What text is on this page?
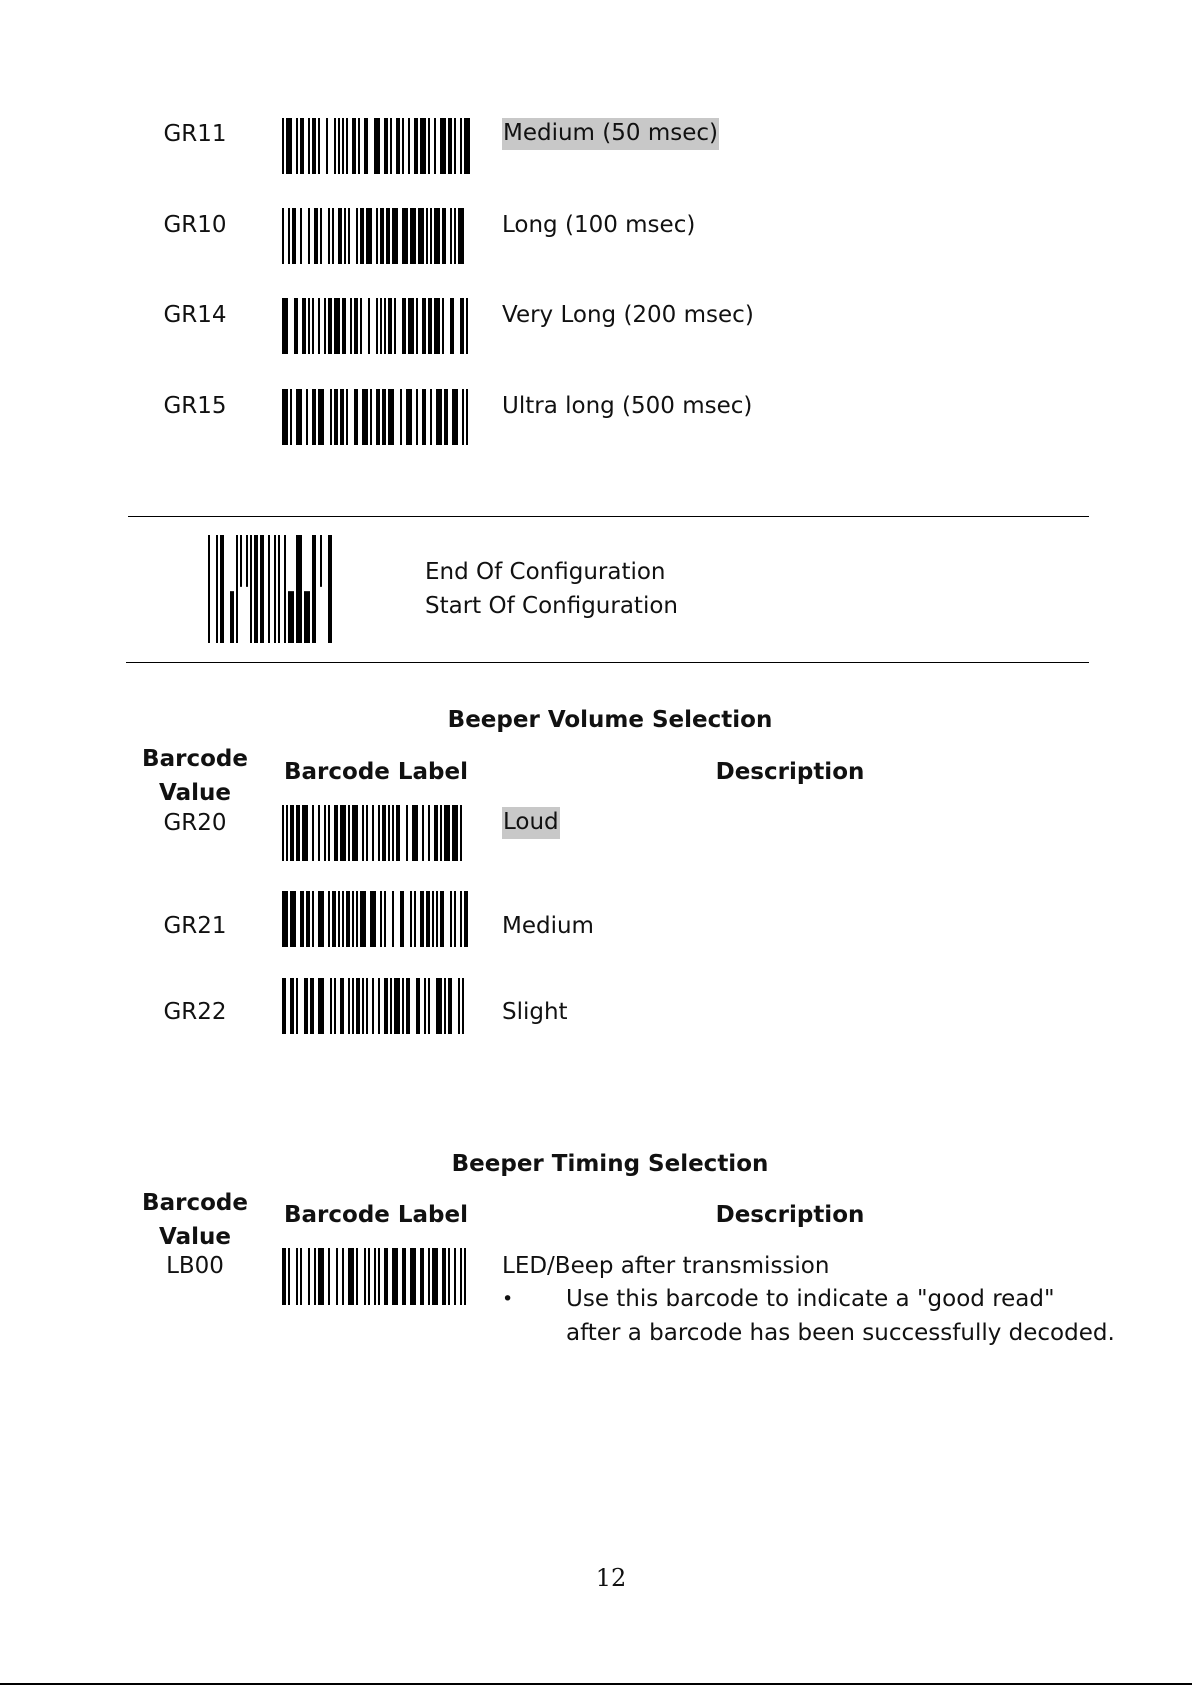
GR11	Medium (50 msec)
GR10	Long (100 msec)
GR14	Very Long (200 msec)
GR15	Ultra long (500 msec)
End Of Configuration
Start Of Configuration
Beeper Volume Selection
Barcode Value
Barcode Label	Description
GR20	Loud
GR21	Medium
GR22	Slight
Beeper Timing Selection
Barcode Value
Barcode Label	Description
LB00	LED/Beep after transmission
• Use this barcode to indicate a "good read"
after a barcode has been successfully decoded.
12
